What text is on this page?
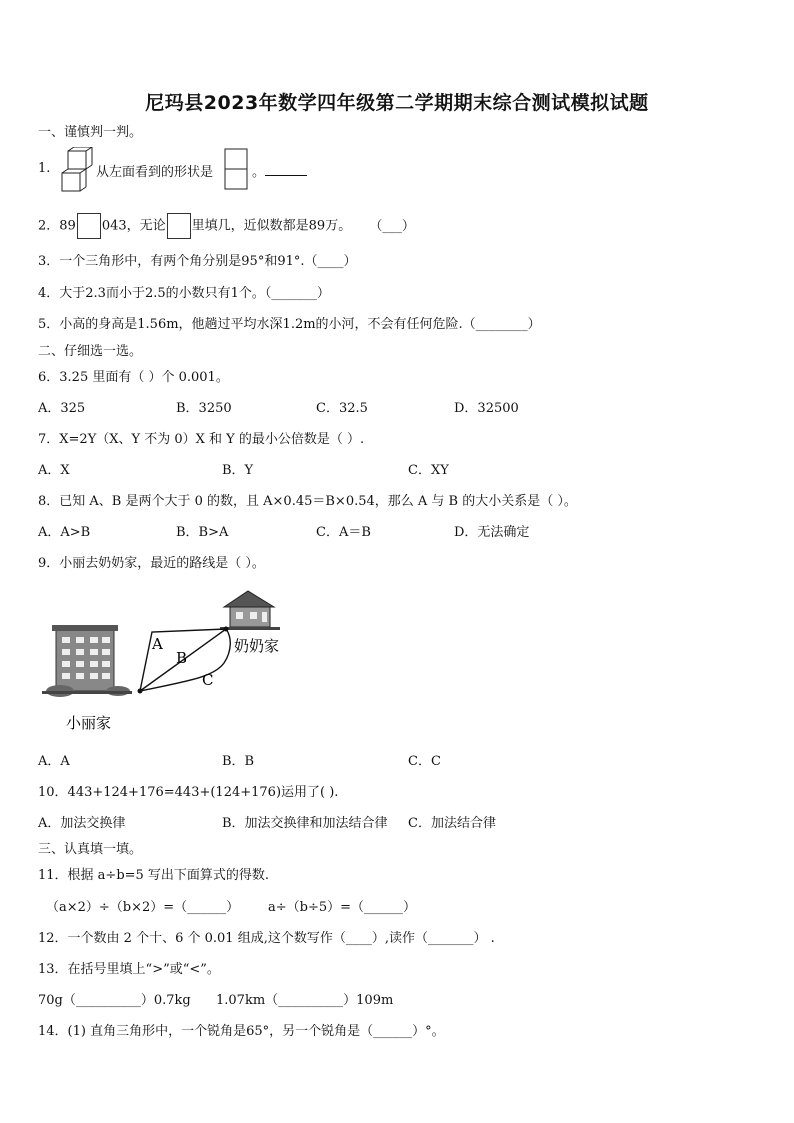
尼玛县2023年数学四年级第二学期期末综合测试模拟试题
一、谨慎判一判。
1.	从左面看到的形状是	。
2．89 043，无论 里填几，近似数都是89万。 （___）
3．一个三角形中，有两个角分别是95°和91°.（____）
4．大于2.3而小于2.5的小数只有1个。（_______）
5．小高的身高是1.56m，他趟过平均水深1.2m的小河，不会有任何危险.（________）
二、仔细选一选。
6．3.25 里面有（ ）个 0.001。
A．325	B．3250	C．32.5	D．32500
7．X=2Y（X、Y 不为 0）X 和 Y 的最小公倍数是（ ）.
A．X	B．Y	C．XY
8．已知 A、B 是两个大于 0 的数，且 A×0.45＝B×0.54，那么 A 与 B 的大小关系是（ ）。
A．A>B	B．B>A	C．A＝B	D．无法确定
9．小丽去奶奶家，最近的路线是（ ）。
A
B
C
奶奶家
小丽家
A．A	B．B	C．C
10．443+124+176=443+(124+176)运用了( ).
A．加法交换律	B．加法交换律和加法结合律 C．加法结合律
三、认真填一填。
11．根据 a÷b=5 写出下面算式的得数.
（a×2）÷（b×2）=（______） a÷（b÷5）=（______）
12．一个数由 2 个十、6 个 0.01 组成,这个数写作（____）,读作（_______） .
13．在括号里填上“>”或“<”。
70g（__________）0.7kg 1.07km（__________）109m
14．(1) 直角三角形中，一个锐角是65°，另一个锐角是（______）°。
